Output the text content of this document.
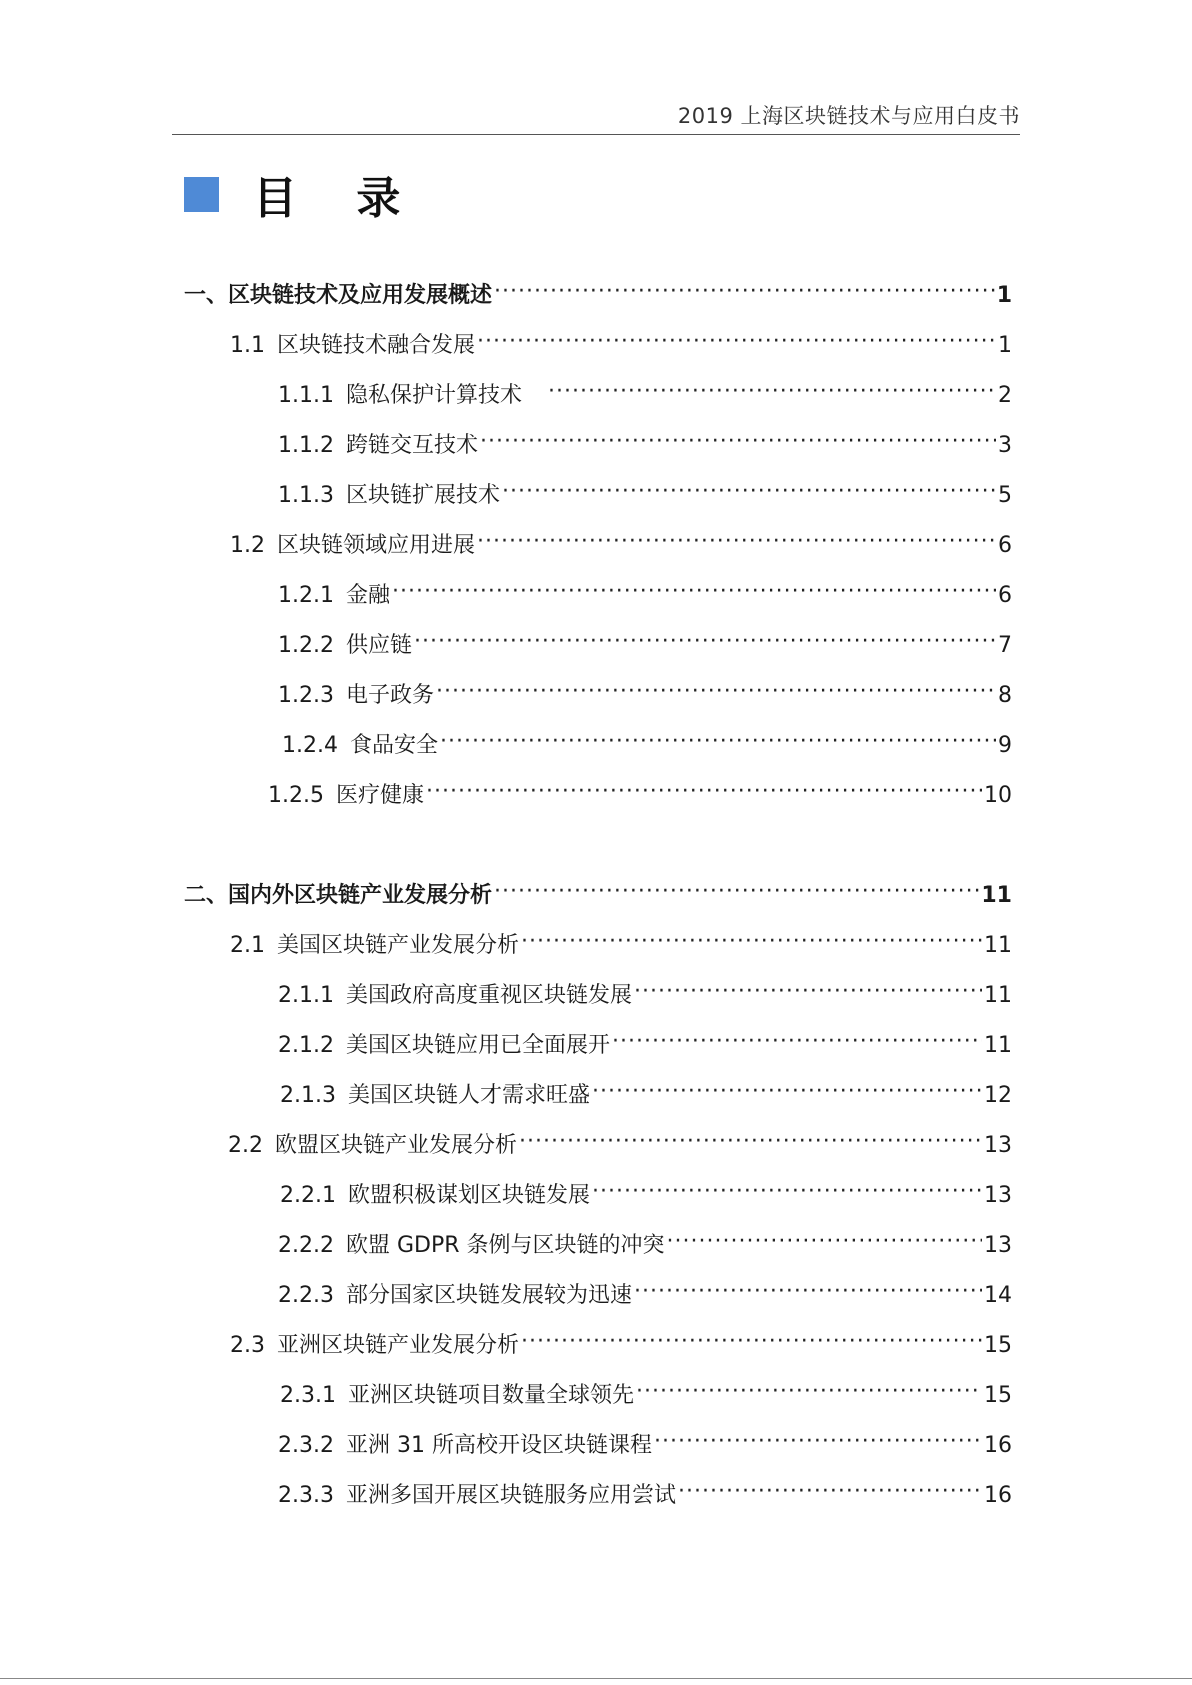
2019 上海区块链技术与应用白皮书
目 录
一、区块链技术及应用发展概述 ·····	1
1.1 区块链技术融合发展 ·····	1
1.1.1 隐私保护计算技术 ·····	2
1.1.2 跨链交互技术 ·····	3
1.1.3 区块链扩展技术 ·····	5
1.2 区块链领域应用进展 ·····	6
1.2.1 金融 ·····	6
1.2.2 供应链 ·····	7
1.2.3 电子政务 ·····	8
1.2.4 食品安全 ·····	9
1.2.5 医疗健康 ·····	10
二、国内外区块链产业发展分析 ·····	11
2.1 美国区块链产业发展分析 ·····	11
2.1.1 美国政府高度重视区块链发展 ·····	11
2.1.2 美国区块链应用已全面展开 ·····	11
2.1.3 美国区块链人才需求旺盛 ·····	12
2.2 欧盟区块链产业发展分析 ·····	13
2.2.1 欧盟积极谋划区块链发展 ·····	13
2.2.2 欧盟 GDPR 条例与区块链的冲突 ·····	13
2.2.3 部分国家区块链发展较为迅速 ·····	14
2.3 亚洲区块链产业发展分析 ·····	15
2.3.1 亚洲区块链项目数量全球领先 ·····	15
2.3.2 亚洲 31 所高校开设区块链课程 ·····	16
2.3.3 亚洲多国开展区块链服务应用尝试 ·····	16
